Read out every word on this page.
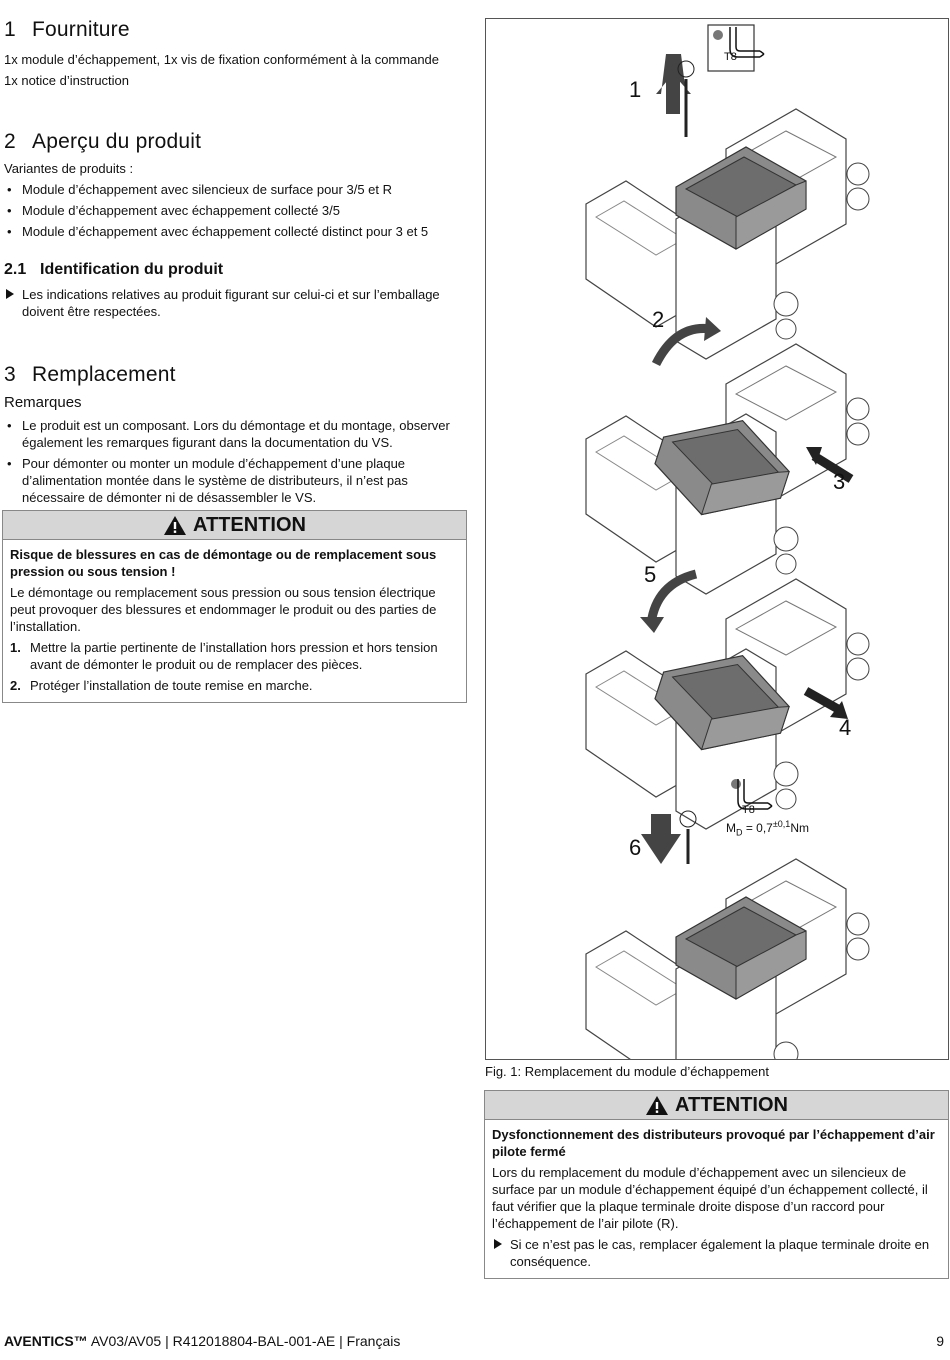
1 Fourniture

1x module d’échappement, 1x vis de fixation conformément à la commande

1x notice d’instruction

2 Aperçu du produit

Variantes de produits :

• Module d’échappement avec silencieux de surface pour 3/5 et R
• Module d’échappement avec échappement collecté 3/5
• Module d’échappement avec échappement collecté distinct pour 3 et 5
2.1 Identification du produit
Les indications relatives au produit figurant sur celui-ci et sur l’emballage doivent être respectées.
3 Remplacement

Remarques

• Le produit est un composant. Lors du démontage et du montage, observer également les remarques figurant dans la documentation du VS.
• Pour démonter ou monter un module d’échappement d’une plaque d’alimentation montée dans le système de distributeurs, il n’est pas nécessaire de démonter ni de désassembler le VS.
ATTENTION

Risque de blessures en cas de démontage ou de remplacement sous pression ou sous tension !

Le démontage ou remplacement sous pression ou sous tension électrique peut provoquer des blessures et endommager le produit ou des parties de l’installation.

1. Mettre la partie pertinente de l’installation hors pression et hors tension avant de démonter le produit ou de remplacer des pièces.
2. Protéger l’installation de toute remise en marche.
T8
1
2
3
5
4
6
T8
$M_D = 0,7^{\pm 0,1}Nm$
Fig. 1: Remplacement du module d’échappement
ATTENTION

Dysfonctionnement des distributeurs provoqué par l’échappement d’air pilote fermé

Lors du remplacement du module d’échappement avec un silencieux de surface par un module d’échappement équipé d’un échappement collecté, il faut vérifier que la plaque terminale droite dispose d’un raccord pour l’échappement de l’air pilote (R).

Si ce n’est pas le cas, remplacer également la plaque terminale droite en conséquence.
AVENTICS™ AV03/AV05 | R412018804-BAL-001-AE | Français	9
